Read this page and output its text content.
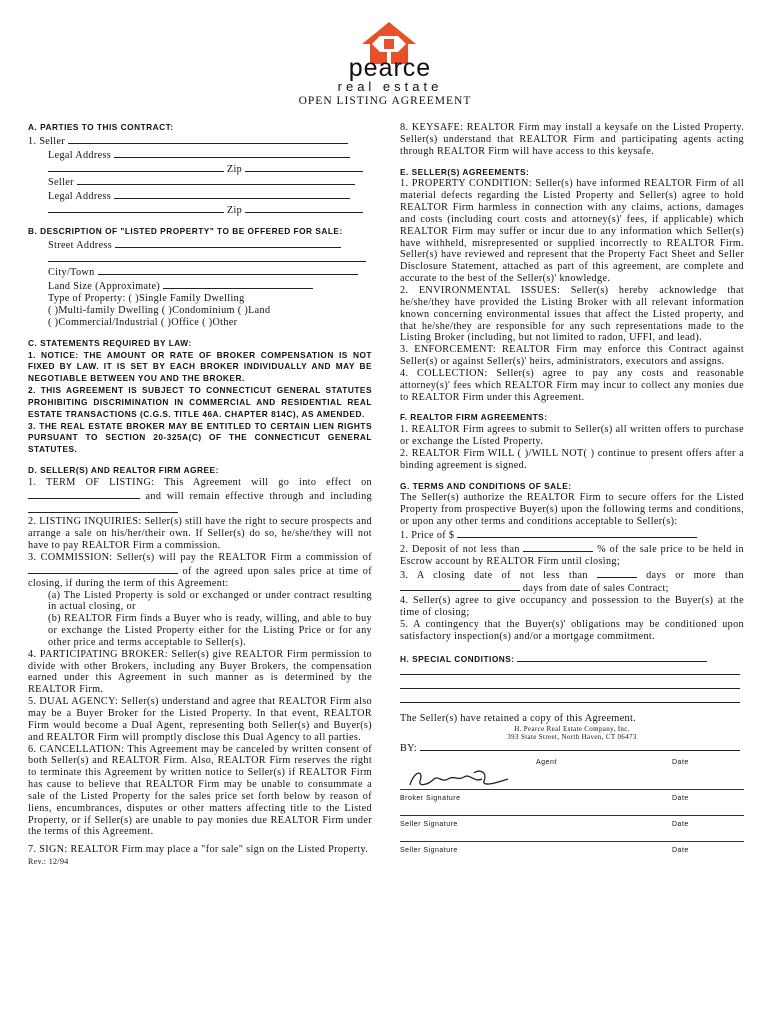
pearce
real estate
OPEN LISTING AGREEMENT

A. PARTIES TO THIS CONTRACT:

1. Seller

Legal Address

Zip

Seller

Legal Address

Zip

B. DESCRIPTION OF "LISTED PROPERTY" TO BE OFFERED FOR SALE:

Street Address

City/Town

Land Size (Approximate)

Type of Property: ( )Single Family Dwelling

( )Multi-family Dwelling ( )Condominium ( )Land

( )Commercial/Industrial ( )Office ( )Other

C. STATEMENTS REQUIRED BY LAW:

1. NOTICE: THE AMOUNT OR RATE OF BROKER COMPENSATION IS NOT FIXED BY LAW. IT IS SET BY EACH BROKER INDIVIDUALLY AND MAY BE NEGOTIABLE BETWEEN YOU AND THE BROKER.

2. THIS AGREEMENT IS SUBJECT TO CONNECTICUT GENERAL STATUTES PROHIBITING DISCRIMINATION IN COMMERCIAL AND RESIDENTIAL REAL ESTATE TRANSACTIONS (C.G.S. TITLE 46A. CHAPTER 814C), AS AMENDED.

3. THE REAL ESTATE BROKER MAY BE ENTITLED TO CERTAIN LIEN RIGHTS PURSUANT TO SECTION 20-325A(C) OF THE CONNECTICUT GENERAL STATUTES.

D. SELLER(S) AND REALTOR FIRM AGREE:

1. TERM OF LISTING: This Agreement will go into effect on  and will remain effective through and including

2. LISTING INQUIRIES: Seller(s) still have the right to secure prospects and arrange a sale on his/her/their own. If Seller(s) do so, he/she/they will not have to pay REALTOR Firm a commission.

3. COMMISSION: Seller(s) will pay the REALTOR Firm a commission of  of the agreed upon sales price at time of closing, if during the term of this Agreement:

(a) The Listed Property is sold or exchanged or under contract resulting in actual closing, or

(b) REALTOR Firm finds a Buyer who is ready, willing, and able to buy or exchange the Listed Property either for the Listing Price or for any other price and terms acceptable to Seller(s).

4. PARTICIPATING BROKER: Seller(s) give REALTOR Firm permission to divide with other Brokers, including any Buyer Brokers, the compensation earned under this Agreement in such manner as is determined by the REALTOR Firm.

5. DUAL AGENCY: Seller(s) understand and agree that REALTOR Firm also may be a Buyer Broker for the Listed Property. In that event, REALTOR Firm would become a Dual Agent, representing both Seller(s) and Buyer(s) and REALTOR Firm will promptly disclose this Dual Agency to all parties.

6. CANCELLATION: This Agreement may be canceled by written consent of both Seller(s) and REALTOR Firm. Also, REALTOR Firm reserves the right to terminate this Agreement by written notice to Seller(s) if REALTOR Firm has cause to believe that REALTOR Firm may be unable to consummate a sale of the Listed Property for the sales price set forth below by reason of liens, encumbrances, disputes or other matters affecting title to the Listed Property, or if Seller(s) are unable to pay monies due REALTOR Firm under the terms of this Agreement.

7. SIGN: REALTOR Firm may place a "for sale" sign on the Listed Property.

Rev.: 12/94

8. KEYSAFE: REALTOR Firm may install a keysafe on the Listed Property. Seller(s) understand that REALTOR Firm and participating agents acting through REALTOR Firm will have access to this keysafe.

E. SELLER(S) AGREEMENTS:

1. PROPERTY CONDITION: Seller(s) have informed REALTOR Firm of all material defects regarding the Listed Property and Seller(s) agree to hold REALTOR Firm harmless in connection with any claims, actions, damages and costs (including court costs and attorney(s)' fees, if applicable) which REALTOR Firm may suffer or incur due to any information which Seller(s) have withheld, misrepresented or supplied incorrectly to REALTOR Firm. Seller(s) have reviewed and represent that the Property Fact Sheet and Seller Disclosure Statement, attached as part of this agreement, are complete and accurate to the best of the Seller(s)' knowledge.

2. ENVIRONMENTAL ISSUES: Seller(s) hereby acknowledge that he/she/they have provided the Listing Broker with all relevant information known concerning environmental issues that affect the Listed property, and that he/she/they are responsible for any such representations made to the Listing Broker (including, but not limited to radon, UFFI, and lead).

3. ENFORCEMENT: REALTOR Firm may enforce this Contract against Seller(s) or against Seller(s)' heirs, administrators, executors and assigns.

4. COLLECTION: Seller(s) agree to pay any costs and reasonable attorney(s)' fees which REALTOR Firm may incur to collect any monies due to REALTOR Firm under this Agreement.

F. REALTOR FIRM AGREEMENTS:

1. REALTOR Firm agrees to submit to Seller(s) all written offers to purchase or exchange the Listed Property.

2. REALTOR Firm WILL ( )/WILL NOT( ) continue to present offers after a binding agreement is signed.

G. TERMS AND CONDITIONS OF SALE:

The Seller(s) authorize the REALTOR Firm to secure offers for the Listed Property from prospective Buyer(s) upon the following terms and conditions, or upon any other terms and conditions acceptable to Seller(s):

1. Price of $

2. Deposit of not less than	% of the sale price to be held in Escrow account by REALTOR Firm until closing;

3. A closing date of not less than	days or more than  days from date of sales Contract;

4. Seller(s) agree to give occupancy and possession to the Buyer(s) at the time of closing;

5. A contingency that the Buyer(s)' obligations may be conditioned upon satisfactory inspection(s) and/or a mortgage commitment.

H. SPECIAL CONDITIONS:

The Seller(s) have retained a copy of this Agreement.

H. Pearce Real Estate Company, Inc.

393 State Street, North Haven, CT 06473

BY:

Agent	Date
Broker Signature	Date
Seller Signature	Date
Seller Signature	Date
